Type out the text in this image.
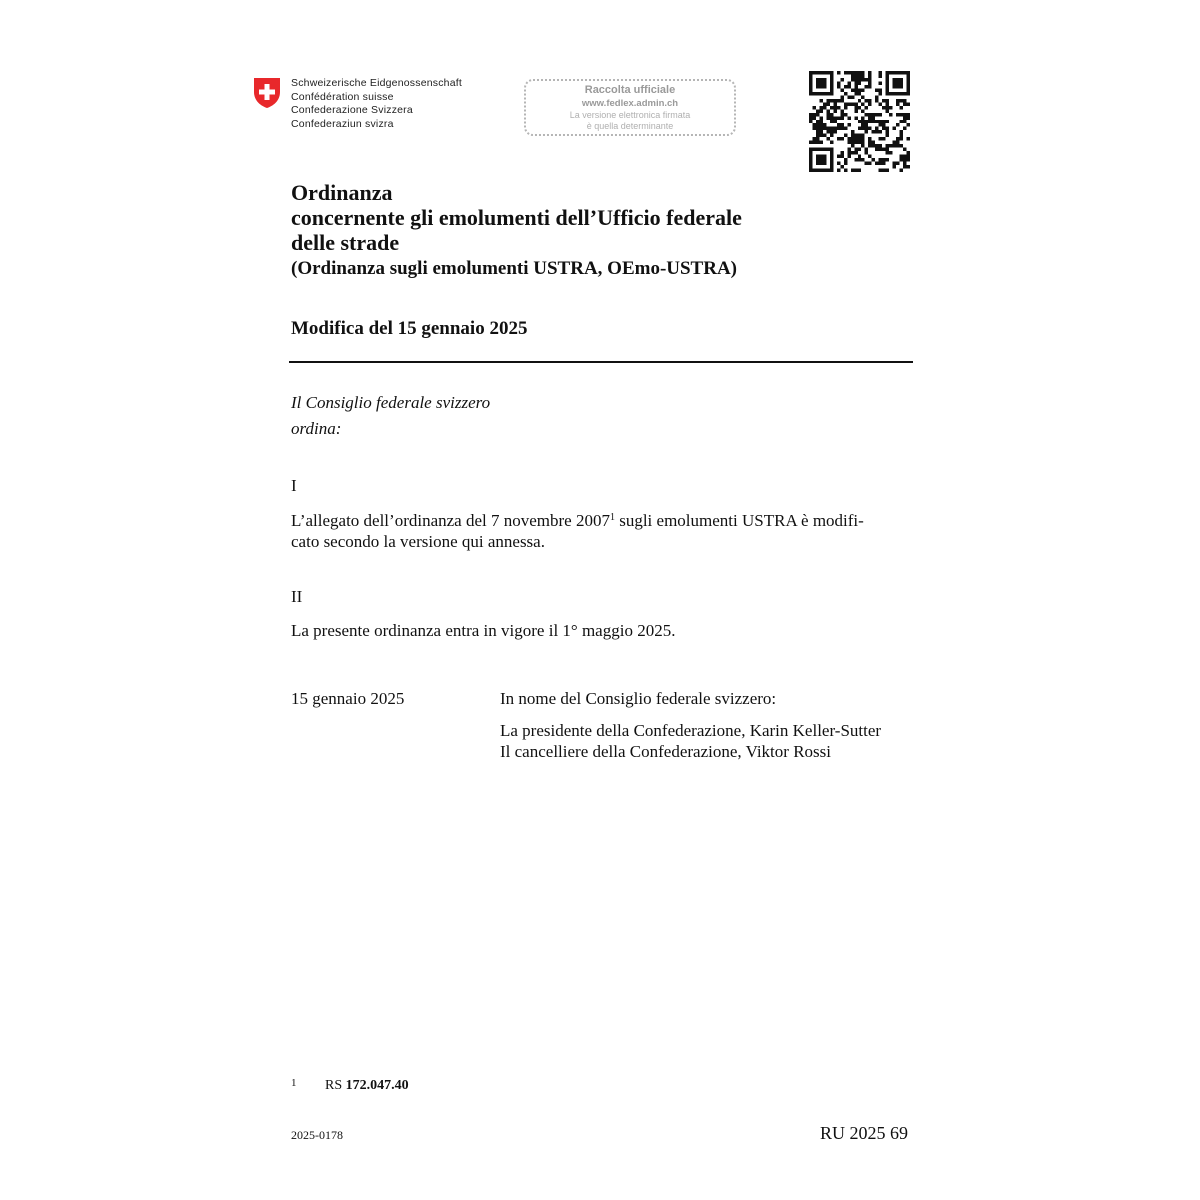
Schweizerische Eidgenossenschaft
Confédération suisse
Confederazione Svizzera
Confederaziun svizra
Raccolta ufficiale
www.fedlex.admin.ch
La versione elettronica firmata
è quella determinante
Ordinanza
concernente gli emolumenti dell’Ufficio federale
delle strade
(Ordinanza sugli emolumenti USTRA, OEmo-USTRA)
Modifica del 15 gennaio 2025
Il Consiglio federale svizzero
ordina:
I
L’allegato dell’ordinanza del 7 novembre 2007$^1$ sugli emolumenti USTRA è modifi-
cato secondo la versione qui annessa.
II
La presente ordinanza entra in vigore il 1° maggio 2025.
15 gennaio 2025	In nome del Consiglio federale svizzero:
La presidente della Confederazione, Karin Keller-Sutter
Il cancelliere della Confederazione, Viktor Rossi
1 RS 172.047.40
2025-0178	RU 2025 69
